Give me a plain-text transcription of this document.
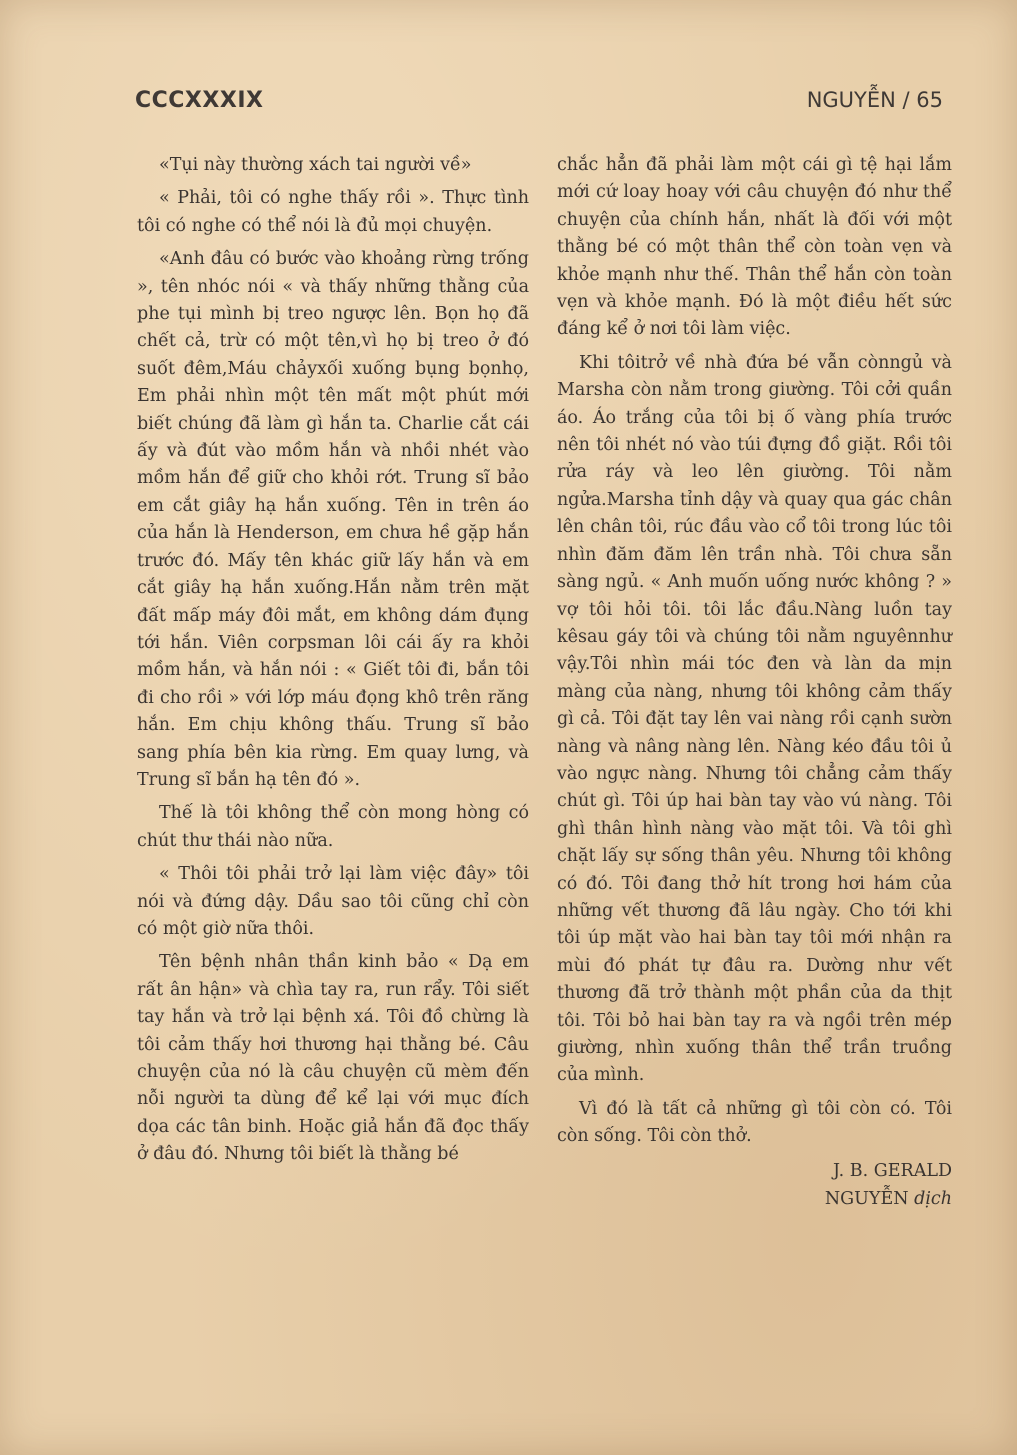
CCCXXXIX	NGUYỄN / 65

«Tụi này thường xách tai người về»

« Phải, tôi có nghe thấy rồi ». Thực tình tôi có nghe có thể nói là đủ mọi chuyện.

«Anh đâu có bước vào khoảng rừng trống », tên nhóc nói « và thấy những thằng của phe tụi mình bị treo ngược lên. Bọn họ đã chết cả, trừ có một tên,vì họ bị treo ở đó suốt đêm,Máu chảyxối xuống bụng bọnhọ, Em phải nhìn một tên mất một phút mới biết chúng đã làm gì hắn ta. Charlie cắt cái ấy và đút vào mồm hắn và nhồi nhét vào mồm hắn để giữ cho khỏi rớt. Trung sĩ bảo em cắt giây hạ hắn xuống. Tên in trên áo của hắn là Henderson, em chưa hề gặp hắn trước đó. Mấy tên khác giữ lấy hắn và em cắt giây hạ hắn xuống.Hắn nằm trên mặt đất mấp máy đôi mắt, em không dám đụng tới hắn. Viên corpsman lôi cái ấy ra khỏi mồm hắn, và hắn nói : « Giết tôi đi, bắn tôi đi cho rồi » với lớp máu đọng khô trên răng hắn. Em chịu không thấu. Trung sĩ bảo sang phía bên kia rừng. Em quay lưng, và Trung sĩ bắn hạ tên đó ».

Thế là tôi không thể còn mong hòng có chút thư thái nào nữa.

« Thôi tôi phải trở lại làm việc đây» tôi nói và đứng dậy. Dầu sao tôi cũng chỉ còn có một giờ nữa thôi.

Tên bệnh nhân thần kinh bảo « Dạ em rất ân hận» và chìa tay ra, run rẩy. Tôi siết tay hắn và trở lại bệnh xá. Tôi đồ chừng là tôi cảm thấy hơi thương hại thằng bé. Câu chuyện của nó là câu chuyện cũ mèm đến nỗi người ta dùng để kể lại với mục đích dọa các tân binh. Hoặc giả hắn đã đọc thấy ở đâu đó. Nhưng tôi biết là thằng bé

chắc hẳn đã phải làm một cái gì tệ hại lắm mới cứ loay hoay với câu chuyện đó như thể chuyện của chính hắn, nhất là đối với một thằng bé có một thân thể còn toàn vẹn và khỏe mạnh như thế. Thân thể hắn còn toàn vẹn và khỏe mạnh. Đó là một điều hết sức đáng kể ở nơi tôi làm việc.

Khi tôitrở về nhà đứa bé vẫn cònngủ và Marsha còn nằm trong giường. Tôi cởi quần áo. Áo trắng của tôi bị ố vàng phía trước nên tôi nhét nó vào túi đựng đồ giặt. Rồi tôi rửa ráy và leo lên giường. Tôi nằm ngửa.Marsha tỉnh dậy và quay qua gác chân lên chân tôi, rúc đầu vào cổ tôi trong lúc tôi nhìn đăm đăm lên trần nhà. Tôi chưa sẵn sàng ngủ. « Anh muốn uống nước không ? » vợ tôi hỏi tôi. tôi lắc đầu.Nàng luồn tay kêsau gáy tôi và chúng tôi nằm nguyênnhư vậy.Tôi nhìn mái tóc đen và làn da mịn màng của nàng, nhưng tôi không cảm thấy gì cả. Tôi đặt tay lên vai nàng rồi cạnh sườn nàng và nâng nàng lên. Nàng kéo đầu tôi ủ vào ngực nàng. Nhưng tôi chẳng cảm thấy chút gì. Tôi úp hai bàn tay vào vú nàng. Tôi ghì thân hình nàng vào mặt tôi. Và tôi ghì chặt lấy sự sống thân yêu. Nhưng tôi không có đó. Tôi đang thở hít trong hơi hám của những vết thương đã lâu ngày. Cho tới khi tôi úp mặt vào hai bàn tay tôi mới nhận ra mùi đó phát tự đâu ra. Dường như vết thương đã trở thành một phần của da thịt tôi. Tôi bỏ hai bàn tay ra và ngồi trên mép giường, nhìn xuống thân thể trần truồng của mình.

Vì đó là tất cả những gì tôi còn có. Tôi còn sống. Tôi còn thở.

J. B. GERALD
NGUYỄN dịch
